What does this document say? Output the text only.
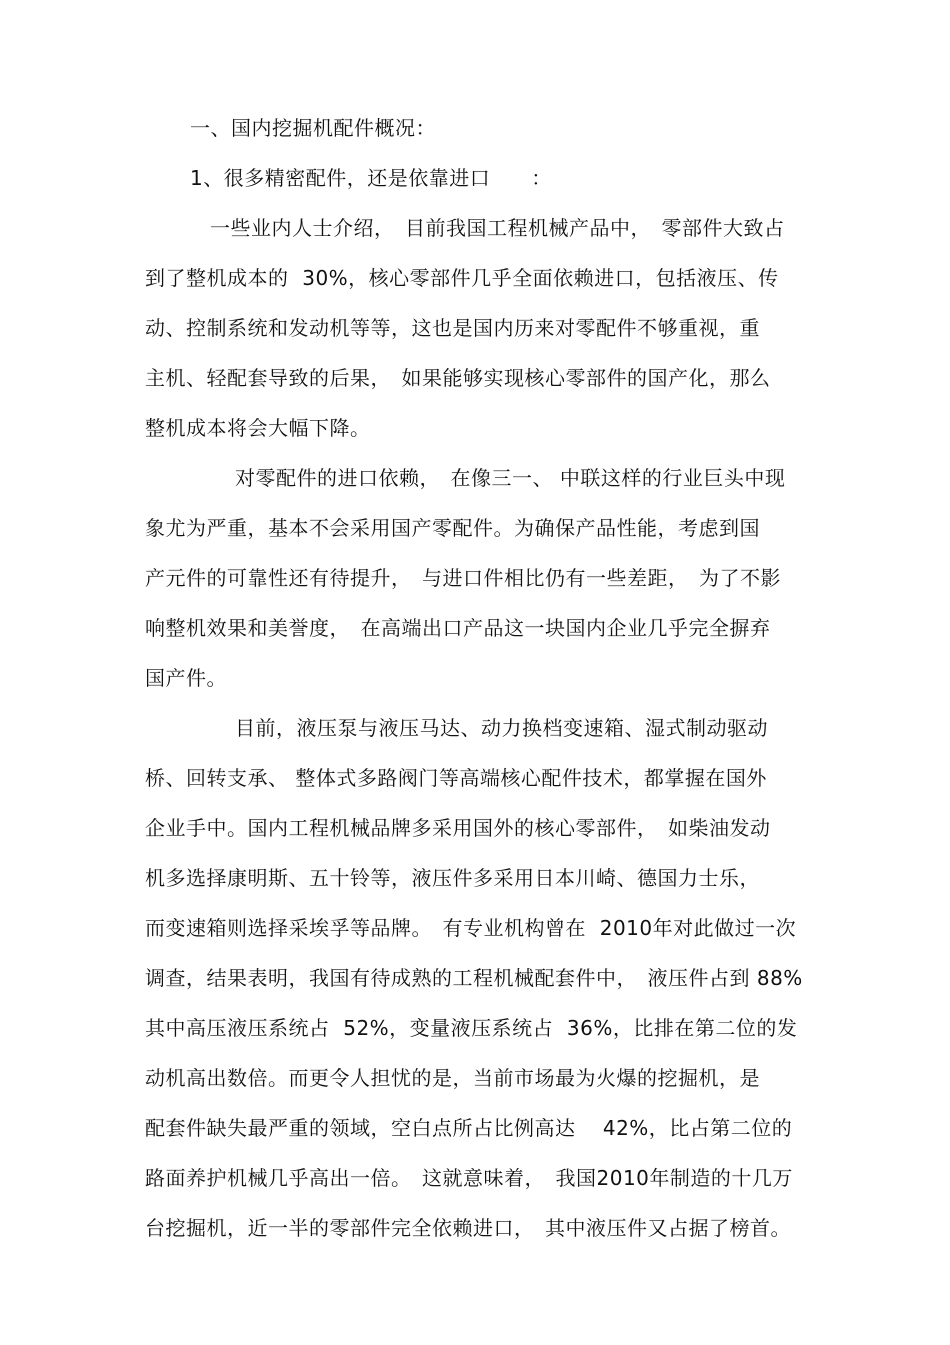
一、国内挖掘机配件概况：
1、很多精密配件，还是依靠进口　　：
一些业内人士介绍，　目前我国工程机械产品中，　零部件大致占
到了整机成本的  30%，核心零部件几乎全面依赖进口，包括液压、传
动、控制系统和发动机等等，这也是国内历来对零配件不够重视，重
主机、轻配套导致的后果，　如果能够实现核心零部件的国产化，那么
整机成本将会大幅下降。
对零配件的进口依赖，　在像三一、 中联这样的行业巨头中现
象尤为严重，基本不会采用国产零配件。为确保产品性能，考虑到国
产元件的可靠性还有待提升，　与进口件相比仍有一些差距，　为了不影
响整机效果和美誉度，　在高端出口产品这一块国内企业几乎完全摒弃
国产件。
目前，液压泵与液压马达、动力换档变速箱、湿式制动驱动
桥、回转支承、 整体式多路阀门等高端核心配件技术，都掌握在国外
企业手中。国内工程机械品牌多采用国外的核心零部件，　如柴油发动
机多选择康明斯、五十铃等，液压件多采用日本川崎、德国力士乐，
而变速箱则选择采埃孚等品牌。　有专业机构曾在  2010年对此做过一次
调查，结果表明，我国有待成熟的工程机械配套件中，　液压件占到 88%
其中高压液压系统占  52%，变量液压系统占  36%，比排在第二位的发
动机高出数倍。而更令人担忧的是，当前市场最为火爆的挖掘机，是
配套件缺失最严重的领域，空白点所占比例高达　 42%，比占第二位的
路面养护机械几乎高出一倍。　这就意味着，　我国2010年制造的十几万
台挖掘机，近一半的零部件完全依赖进口，　其中液压件又占据了榜首。
